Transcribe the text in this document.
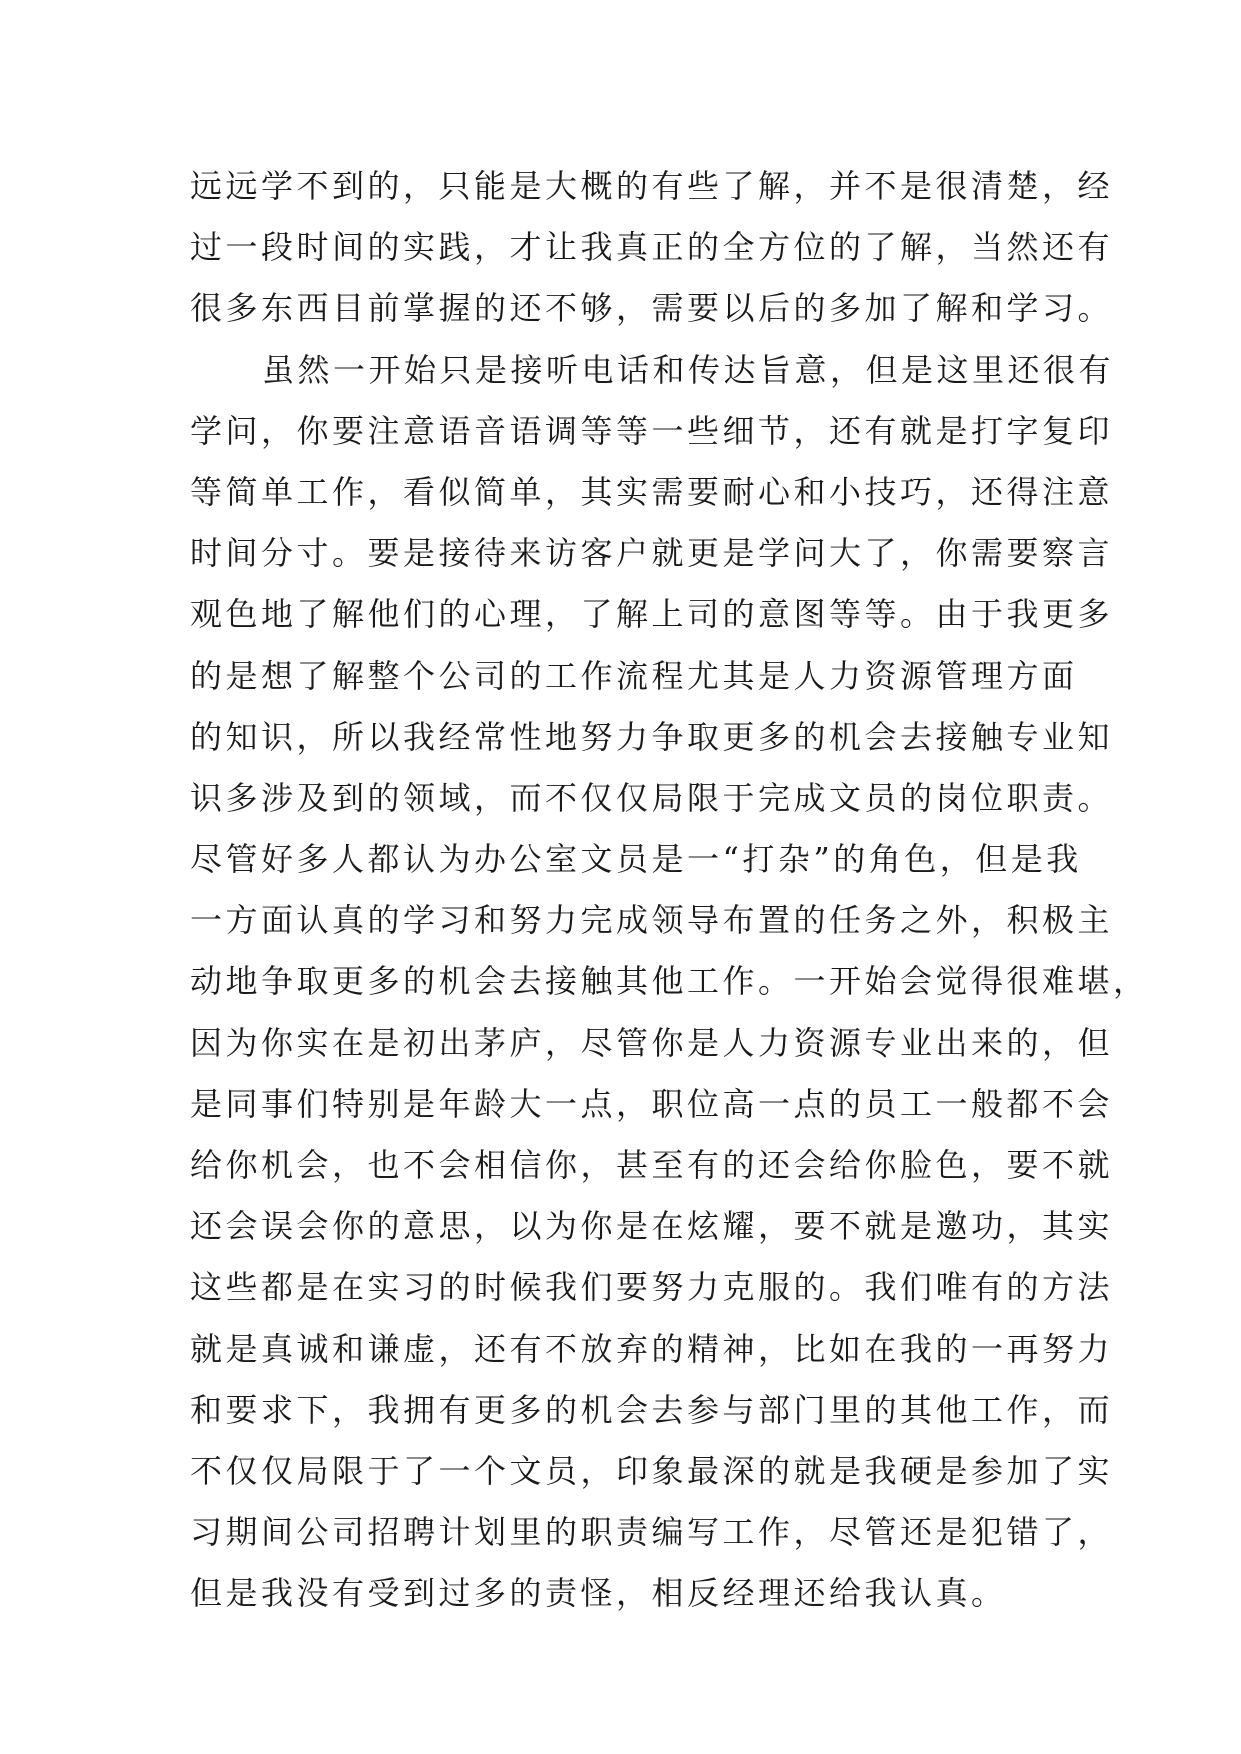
远远学不到的，只能是大概的有些了解，并不是很清楚，经
过一段时间的实践，才让我真正的全方位的了解，当然还有
很多东西目前掌握的还不够，需要以后的多加了解和学习。
虽然一开始只是接听电话和传达旨意，但是这里还很有
学问，你要注意语音语调等等一些细节，还有就是打字复印
等简单工作，看似简单，其实需要耐心和小技巧，还得注意
时间分寸。要是接待来访客户就更是学问大了，你需要察言
观色地了解他们的心理，了解上司的意图等等。由于我更多
的是想了解整个公司的工作流程尤其是人力资源管理方面
的知识，所以我经常性地努力争取更多的机会去接触专业知
识多涉及到的领域，而不仅仅局限于完成文员的岗位职责。
尽管好多人都认为办公室文员是一“打杂”的角色，但是我
一方面认真的学习和努力完成领导布置的任务之外，积极主
动地争取更多的机会去接触其他工作。一开始会觉得很难堪，
因为你实在是初出茅庐，尽管你是人力资源专业出来的，但
是同事们特别是年龄大一点，职位高一点的员工一般都不会
给你机会，也不会相信你，甚至有的还会给你脸色，要不就
还会误会你的意思，以为你是在炫耀，要不就是邀功，其实
这些都是在实习的时候我们要努力克服的。我们唯有的方法
就是真诚和谦虚，还有不放弃的精神，比如在我的一再努力
和要求下，我拥有更多的机会去参与部门里的其他工作，而
不仅仅局限于了一个文员，印象最深的就是我硬是参加了实
习期间公司招聘计划里的职责编写工作，尽管还是犯错了，
但是我没有受到过多的责怪，相反经理还给我认真。
